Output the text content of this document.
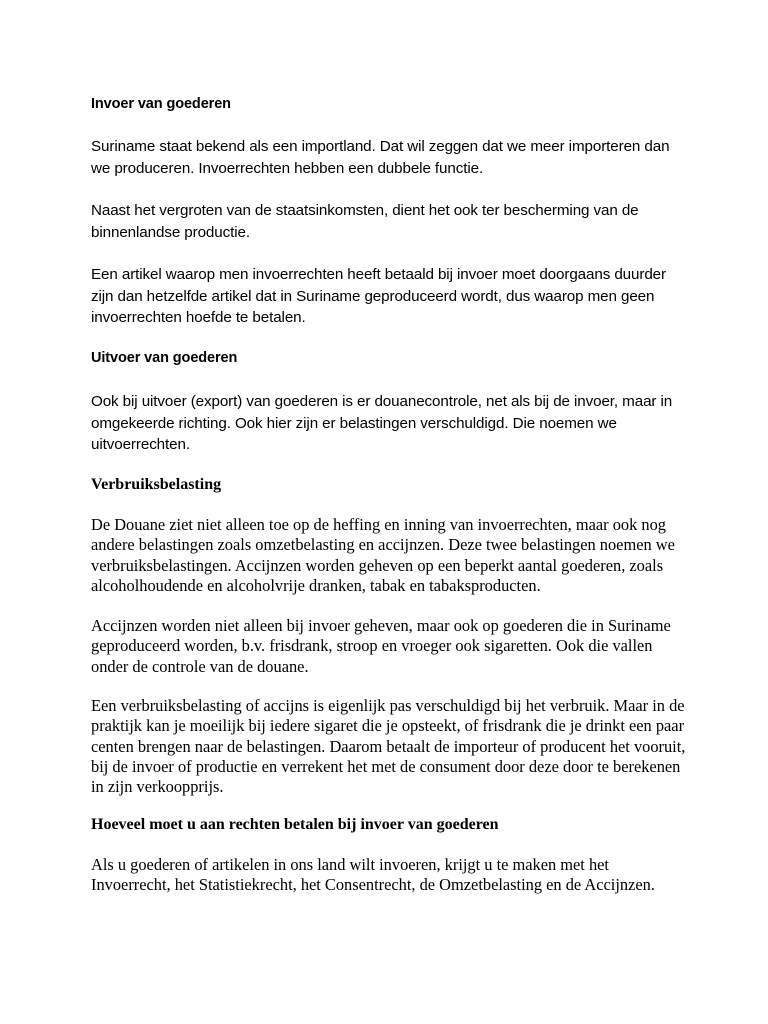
Invoer van goederen

Suriname staat bekend als een importland. Dat wil zeggen dat we meer importeren dan we produceren. Invoerrechten hebben een dubbele functie.

Naast het vergroten van de staatsinkomsten, dient het ook ter bescherming van de binnenlandse productie.

Een artikel waarop men invoerrechten heeft betaald bij invoer moet doorgaans duurder zijn dan hetzelfde artikel dat in Suriname geproduceerd wordt, dus waarop men geen invoerrechten hoefde te betalen.

Uitvoer van goederen

Ook bij uitvoer (export) van goederen is er douanecontrole, net als bij de invoer, maar in omgekeerde richting. Ook hier zijn er belastingen verschuldigd. Die noemen we uitvoerrechten.

Verbruiksbelasting

De Douane ziet niet alleen toe op de heffing en inning van invoerrechten, maar ook nog andere belastingen zoals omzetbelasting en accijnzen. Deze twee belastingen noemen we verbruiksbelastingen. Accijnzen worden geheven op een beperkt aantal goederen, zoals alcoholhoudende en alcoholvrije dranken, tabak en tabaksproducten.

Accijnzen worden niet alleen bij invoer geheven, maar ook op goederen die in Suriname geproduceerd worden, b.v. frisdrank, stroop en vroeger ook sigaretten. Ook die vallen onder de controle van de douane.

Een verbruiksbelasting of accijns is eigenlijk pas verschuldigd bij het verbruik. Maar in de praktijk kan je moeilijk bij iedere sigaret die je opsteekt, of frisdrank die je drinkt een paar centen brengen naar de belastingen. Daarom betaalt de importeur of producent het vooruit, bij de invoer of productie en verrekent het met de consument door deze door te berekenen in zijn verkoopprijs.

Hoeveel moet u aan rechten betalen bij invoer van goederen

Als u goederen of artikelen in ons land wilt invoeren, krijgt u te maken met het Invoerrecht, het Statistiekrecht, het Consentrecht, de Omzetbelasting en de Accijnzen.
